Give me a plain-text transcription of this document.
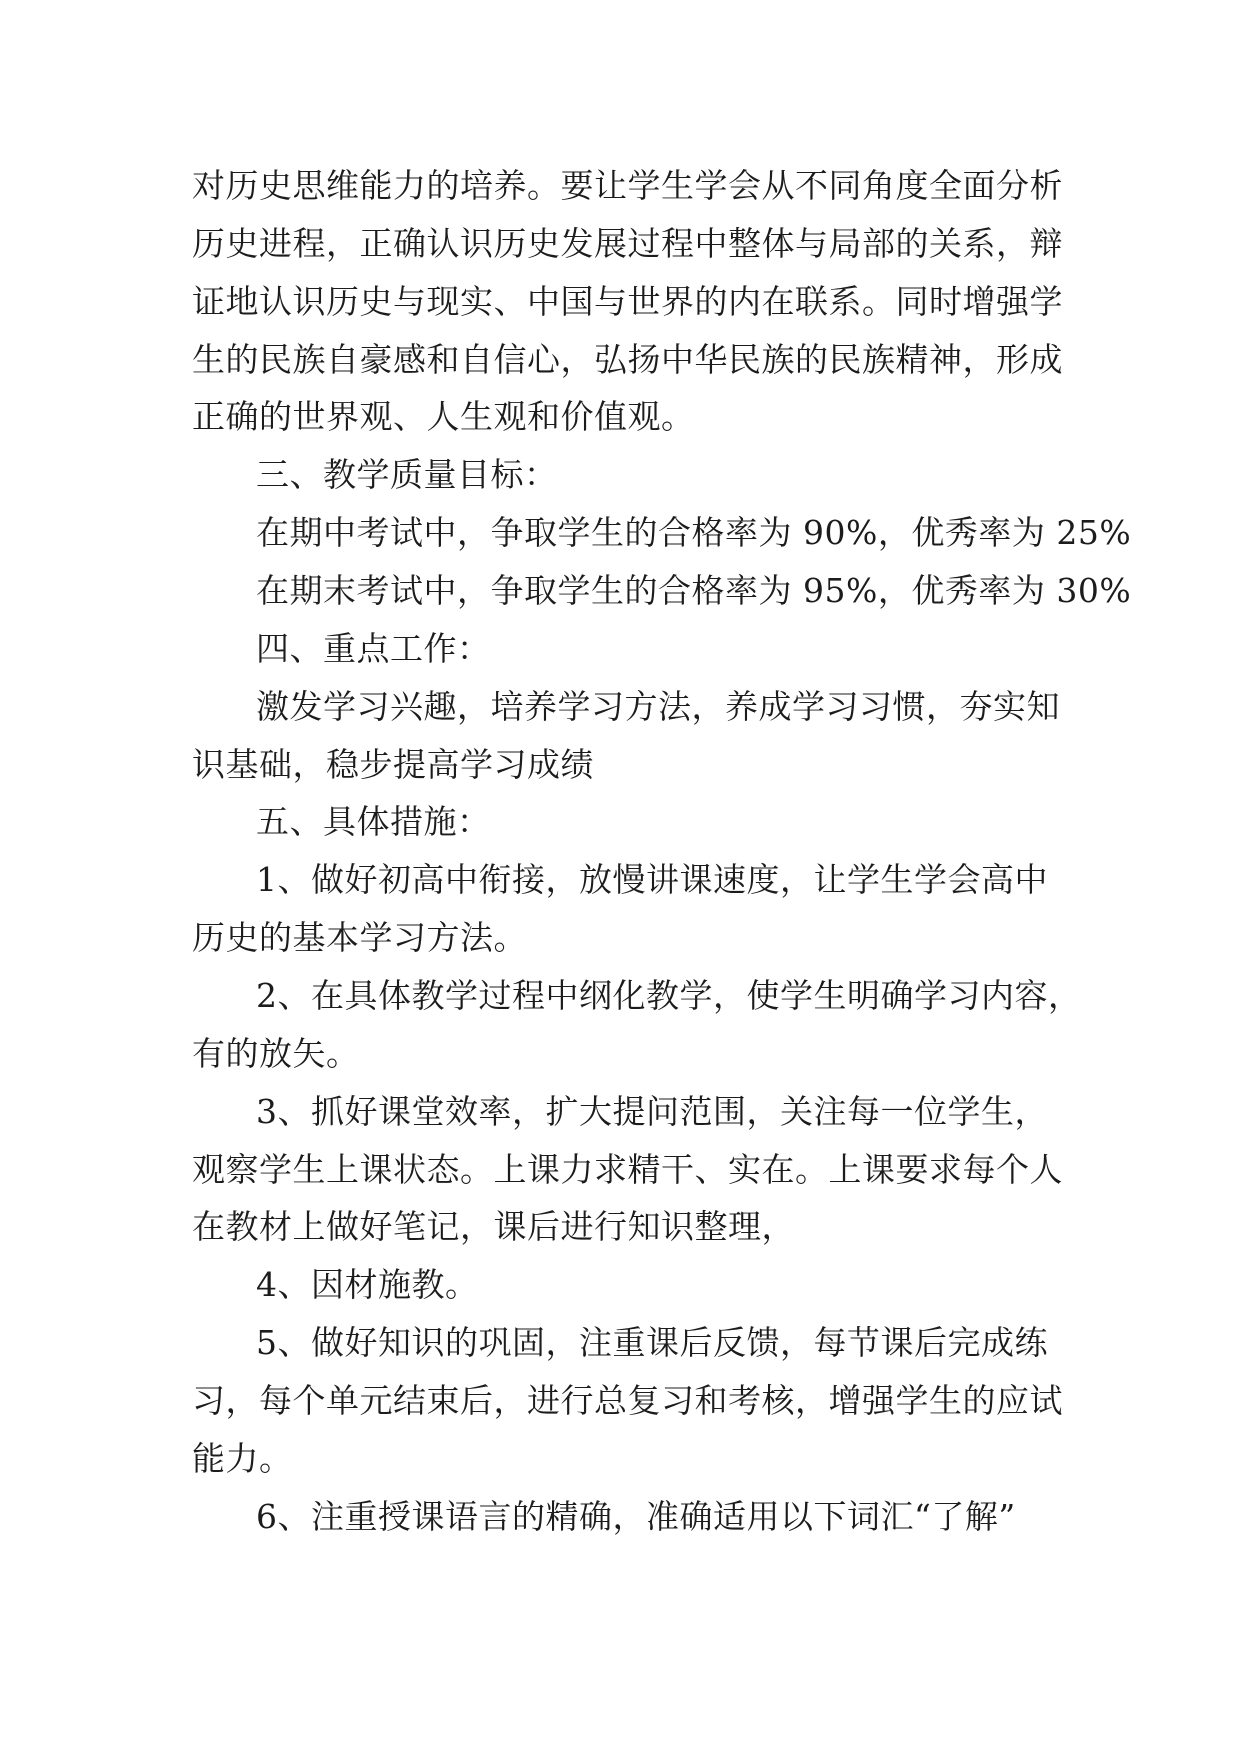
对历史思维能力的培养。要让学生学会从不同角度全面分析
历史进程，正确认识历史发展过程中整体与局部的关系，辩
证地认识历史与现实、中国与世界的内在联系。同时增强学
生的民族自豪感和自信心，弘扬中华民族的民族精神，形成
正确的世界观、人生观和价值观。
三、教学质量目标：
在期中考试中，争取学生的合格率为 90%，优秀率为 25%
在期末考试中，争取学生的合格率为 95%，优秀率为 30%
四、重点工作：
激发学习兴趣，培养学习方法，养成学习习惯，夯实知
识基础，稳步提高学习成绩
五、具体措施：
1、做好初高中衔接，放慢讲课速度，让学生学会高中
历史的基本学习方法。
2、在具体教学过程中纲化教学，使学生明确学习内容，
有的放矢。
3、抓好课堂效率，扩大提问范围，关注每一位学生，
观察学生上课状态。上课力求精干、实在。上课要求每个人
在教材上做好笔记，课后进行知识整理，
4、因材施教。
5、做好知识的巩固，注重课后反馈，每节课后完成练
习，每个单元结束后，进行总复习和考核，增强学生的应试
能力。
6、注重授课语言的精确，准确适用以下词汇“了解”
